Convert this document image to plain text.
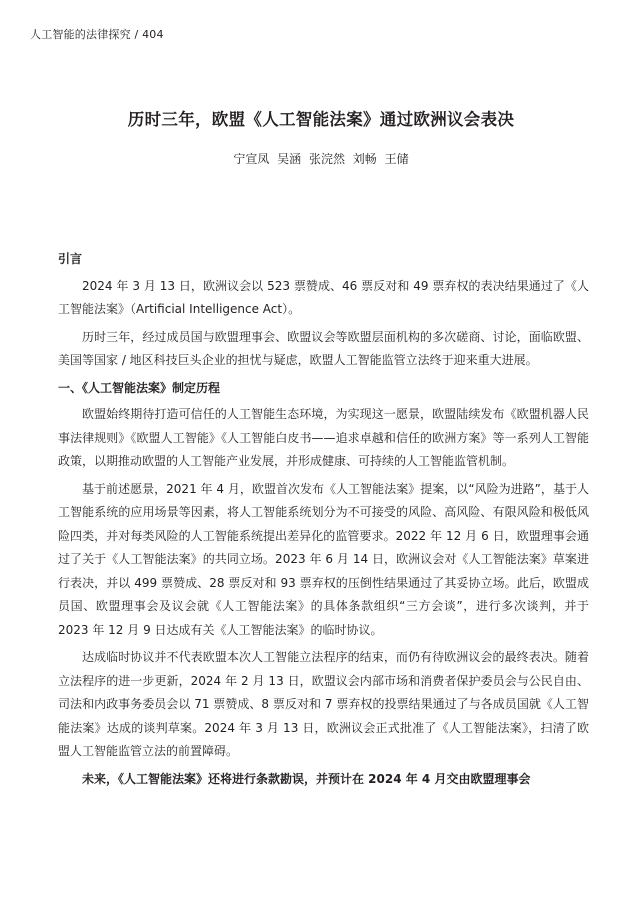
人工智能的法律探究 / 404
历时三年，欧盟《人工智能法案》通过欧洲议会表决
宁宣凤 吴涵 张浣然 刘畅 王储
引言

2024 年 3 月 13 日，欧洲议会以 523 票赞成、46 票反对和 49 票弃权的表决结果通过了《人工智能法案》（Artificial Intelligence Act）。

历时三年，经过成员国与欧盟理事会、欧盟议会等欧盟层面机构的多次磋商、讨论，面临欧盟、美国等国家 / 地区科技巨头企业的担忧与疑虑，欧盟人工智能监管立法终于迎来重大进展。

一、《人工智能法案》制定历程

欧盟始终期待打造可信任的人工智能生态环境，为实现这一愿景，欧盟陆续发布《欧盟机器人民事法律规则》《欧盟人工智能》《人工智能白皮书——追求卓越和信任的欧洲方案》等一系列人工智能政策，以期推动欧盟的人工智能产业发展，并形成健康、可持续的人工智能监管机制。

基于前述愿景，2021 年 4 月，欧盟首次发布《人工智能法案》提案，以“风险为进路”，基于人工智能系统的应用场景等因素，将人工智能系统划分为不可接受的风险、高风险、有限风险和极低风险四类，并对每类风险的人工智能系统提出差异化的监管要求。2022 年 12 月 6 日，欧盟理事会通过了关于《人工智能法案》的共同立场。2023 年 6 月 14 日，欧洲议会对《人工智能法案》草案进行表决，并以 499 票赞成、28 票反对和 93 票弃权的压倒性结果通过了其妥协立场。此后，欧盟成员国、欧盟理事会及议会就《人工智能法案》的具体条款组织“三方会谈”，进行多次谈判，并于 2023 年 12 月 9 日达成有关《人工智能法案》的临时协议。

达成临时协议并不代表欧盟本次人工智能立法程序的结束，而仍有待欧洲议会的最终表决。随着立法程序的进一步更新，2024 年 2 月 13 日，欧盟议会内部市场和消费者保护委员会与公民自由、司法和内政事务委员会以 71 票赞成、8 票反对和 7 票弃权的投票结果通过了与各成员国就《人工智能法案》达成的谈判草案。2024 年 3 月 13 日，欧洲议会正式批准了《人工智能法案》，扫清了欧盟人工智能监管立法的前置障碍。

未来，《人工智能法案》还将进行条款勘误，并预计在 2024 年 4 月交由欧盟理事会
